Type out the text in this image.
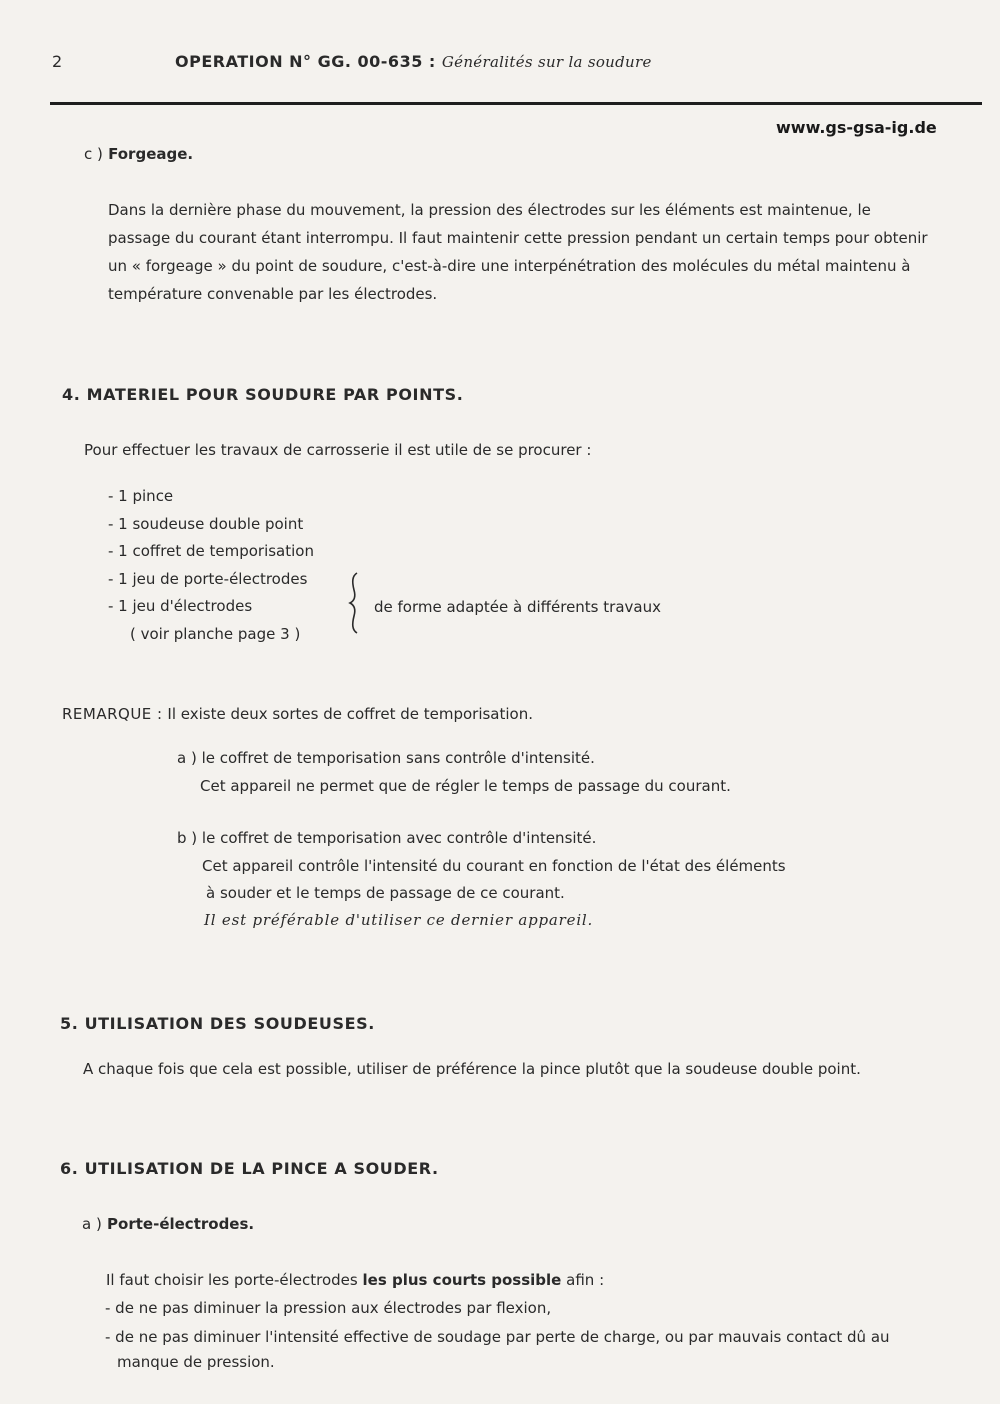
2	OPERATION N° GG. 00-635 : Généralités sur la soudure
www.gs-gsa-ig.de
c ) Forgeage.
Dans la dernière phase du mouvement, la pression des électrodes sur les éléments est maintenue, le
passage du courant étant interrompu. Il faut maintenir cette pression pendant un certain temps pour obtenir
un « forgeage » du point de soudure, c'est-à-dire une interpénétration des molécules du métal maintenu à
température convenable par les électrodes.
4. MATERIEL POUR SOUDURE PAR POINTS.
Pour effectuer les travaux de carrosserie il est utile de se procurer :
- 1 pince
- 1 soudeuse double point
- 1 coffret de temporisation
- 1 jeu de porte-électrodes
- 1 jeu d'électrodes
( voir planche page 3 )
de forme adaptée à différents travaux
REMARQUE : Il existe deux sortes de coffret de temporisation.
a ) le coffret de temporisation sans contrôle d'intensité.
Cet appareil ne permet que de régler le temps de passage du courant.
b ) le coffret de temporisation avec contrôle d'intensité.
Cet appareil contrôle l'intensité du courant en fonction de l'état des éléments
à souder et le temps de passage de ce courant.
Il est préférable d'utiliser ce dernier appareil.
5. UTILISATION DES SOUDEUSES.
A chaque fois que cela est possible, utiliser de préférence la pince plutôt que la soudeuse double point.
6. UTILISATION DE LA PINCE A SOUDER.
a ) Porte-électrodes.
Il faut choisir les porte-électrodes les plus courts possible afin :
- de ne pas diminuer la pression aux électrodes par flexion,
- de ne pas diminuer l'intensité effective de soudage par perte de charge, ou par mauvais contact dû au
manque de pression.
